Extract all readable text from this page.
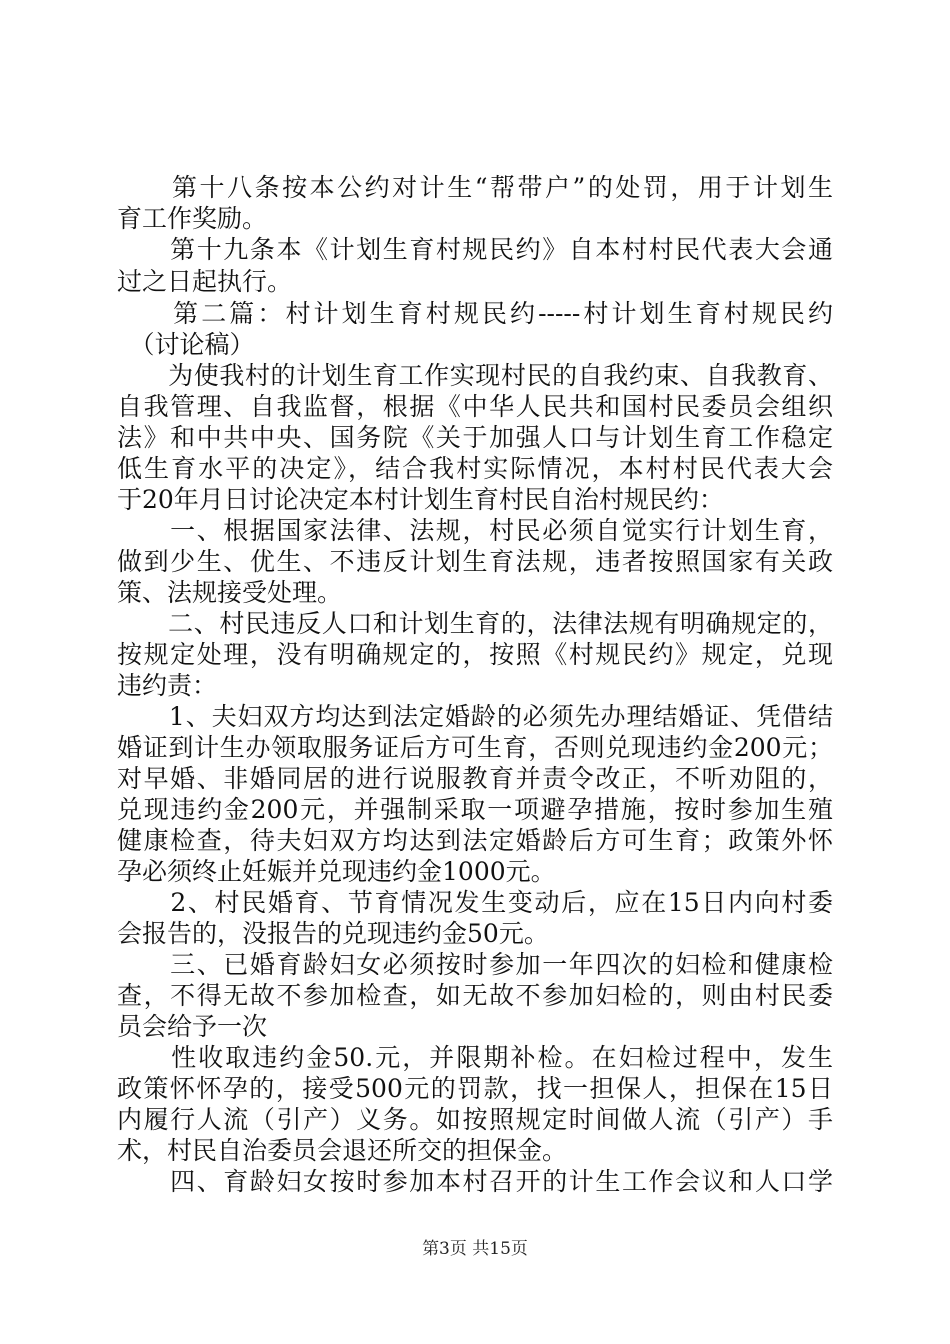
　　第十八条按本公约对计生“帮带户”的处罚，用于计划生
育工作奖励。
　　第十九条本《计划生育村规民约》自本村村民代表大会通
过之日起执行。
　　第二篇：村计划生育村规民约-----村计划生育村规民约
　（讨论稿）
　　为使我村的计划生育工作实现村民的自我约束、自我教育、
自我管理、自我监督，根据《中华人民共和国村民委员会组织
法》和中共中央、国务院《关于加强人口与计划生育工作稳定
低生育水平的决定》，结合我村实际情况，本村村民代表大会
于20年月日讨论决定本村计划生育村民自治村规民约：
　　一、根据国家法律、法规，村民必须自觉实行计划生育，
做到少生、优生、不违反计划生育法规，违者按照国家有关政
策、法规接受处理。
　　二、村民违反人口和计划生育的，法律法规有明确规定的，
按规定处理，没有明确规定的，按照《村规民约》规定，兑现
违约责：
　　1、夫妇双方均达到法定婚龄的必须先办理结婚证、凭借结
婚证到计生办领取服务证后方可生育，否则兑现违约金200元；
对早婚、非婚同居的进行说服教育并责令改正，不听劝阻的，
兑现违约金200元，并强制采取一项避孕措施，按时参加生殖
健康检查，待夫妇双方均达到法定婚龄后方可生育；政策外怀
孕必须终止妊娠并兑现违约金1000元。
　　2、村民婚育、节育情况发生变动后，应在15日内向村委
会报告的，没报告的兑现违约金50元。
　　三、已婚育龄妇女必须按时参加一年四次的妇检和健康检
查，不得无故不参加检查，如无故不参加妇检的，则由村民委
员会给予一次
　　性收取违约金50.元，并限期补检。在妇检过程中，发生
政策怀怀孕的，接受500元的罚款，找一担保人，担保在15日
内履行人流（引产）义务。如按照规定时间做人流（引产）手
术，村民自治委员会退还所交的担保金。
　　四、育龄妇女按时参加本村召开的计生工作会议和人口学
第3页 共15页
